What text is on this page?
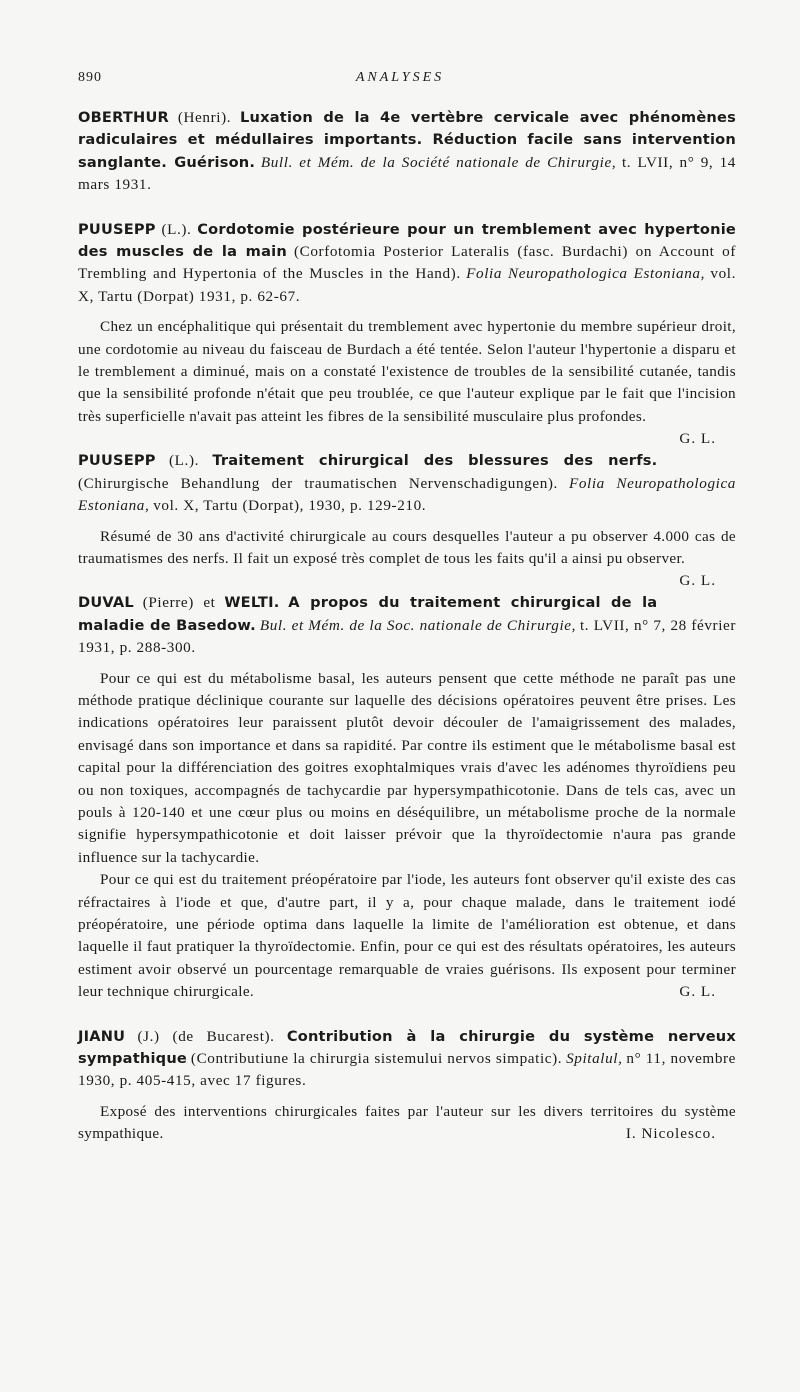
890	ANALYSES

OBERTHUR (Henri). Luxation de la 4e vertèbre cervicale avec phénomènes radiculaires et médullaires importants. Réduction facile sans intervention sanglante. Guérison. Bull. et Mém. de la Société nationale de Chirurgie, t. LVII, n° 9, 14 mars 1931.

PUUSEPP (L.). Cordotomie postérieure pour un tremblement avec hypertonie des muscles de la main (Corfotomia Posterior Lateralis (fasc. Burdachi) on Account of Trembling and Hypertonia of the Muscles in the Hand). Folia Neuropathologica Estoniana, vol. X, Tartu (Dorpat) 1931, p. 62-67.

Chez un encéphalitique qui présentait du tremblement avec hypertonie du membre supérieur droit, une cordotomie au niveau du faisceau de Burdach a été tentée. Selon l'auteur l'hypertonie a disparu et le tremblement a diminué, mais on a constaté l'existence de troubles de la sensibilité cutanée, tandis que la sensibilité profonde n'était que peu troublée, ce que l'auteur explique par le fait que l'incision très superficielle n'avait pas atteint les fibres de la sensibilité musculaire plus profondes.
G. L.

PUUSEPP (L.). Traitement chirurgical des blessures des nerfs. (Chirurgische Behandlung der traumatischen Nervenschadigungen). Folia Neuropathologica Estoniana, vol. X, Tartu (Dorpat), 1930, p. 129-210.

Résumé de 30 ans d'activité chirurgicale au cours desquelles l'auteur a pu observer 4.000 cas de traumatismes des nerfs. Il fait un exposé très complet de tous les faits qu'il a ainsi pu observer.
G. L.

DUVAL (Pierre) et WELTI. A propos du traitement chirurgical de la maladie de Basedow. Bul. et Mém. de la Soc. nationale de Chirurgie, t. LVII, n° 7, 28 février 1931, p. 288-300.

Pour ce qui est du métabolisme basal, les auteurs pensent que cette méthode ne paraît pas une méthode pratique déclinique courante sur laquelle des décisions opératoires peuvent être prises. Les indications opératoires leur paraissent plutôt devoir découler de l'amaigrissement des malades, envisagé dans son importance et dans sa rapidité. Par contre ils estiment que le métabolisme basal est capital pour la différenciation des goitres exophtalmiques vrais d'avec les adénomes thyroïdiens peu ou non toxiques, accompagnés de tachycardie par hypersympathicotonie. Dans de tels cas, avec un pouls à 120-140 et une cœur plus ou moins en déséquilibre, un métabolisme proche de la normale signifie hypersympathicotonie et doit laisser prévoir que la thyroïdectomie n'aura pas grande influence sur la tachycardie.

Pour ce qui est du traitement préopératoire par l'iode, les auteurs font observer qu'il existe des cas réfractaires à l'iode et que, d'autre part, il y a, pour chaque malade, dans le traitement iodé préopératoire, une période optima dans laquelle la limite de l'amélioration est obtenue, et dans laquelle il faut pratiquer la thyroïdectomie. Enfin, pour ce qui est des résultats opératoires, les auteurs estiment avoir observé un pourcentage remarquable de vraies guérisons. Ils exposent pour terminer leur technique chirurgicale.	G. L.

JIANU (J.) (de Bucarest). Contribution à la chirurgie du système nerveux sympathique (Contributiune la chirurgia sistemului nervos simpatic). Spitalul, n° 11, novembre 1930, p. 405-415, avec 17 figures.

Exposé des interventions chirurgicales faites par l'auteur sur les divers territoires du système sympathique.	I. Nicolesco.
